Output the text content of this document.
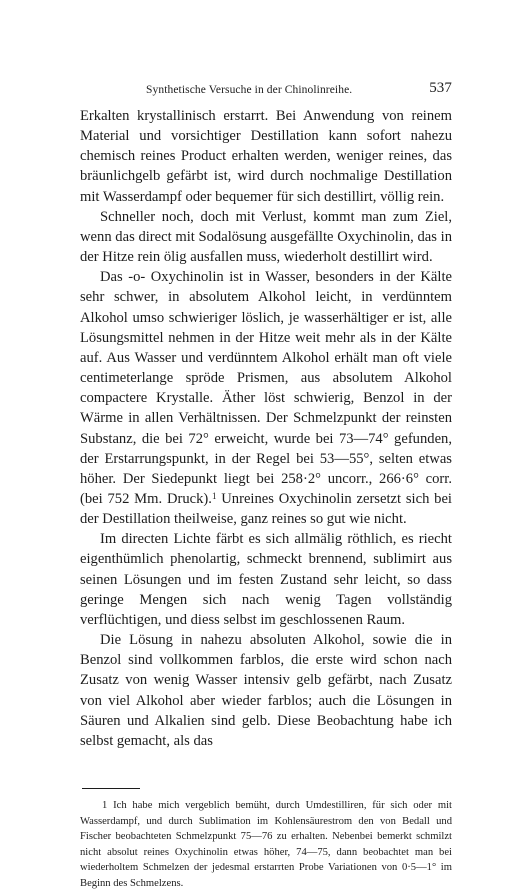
Synthetische Versuche in der Chinolinreihe.	537

Erkalten krystallinisch erstarrt. Bei Anwendung von reinem Material und vorsichtiger Destillation kann sofort nahezu chemisch reines Product erhalten werden, weniger reines, das bräunlichgelb gefärbt ist, wird durch nochmalige Destillation mit Wasserdampf oder bequemer für sich destillirt, völlig rein.

Schneller noch, doch mit Verlust, kommt man zum Ziel, wenn das direct mit Sodalösung ausgefällte Oxychinolin, das in der Hitze rein ölig ausfallen muss, wiederholt destillirt wird.

Das -o- Oxychinolin ist in Wasser, besonders in der Kälte sehr schwer, in absolutem Alkohol leicht, in verdünntem Alkohol umso schwieriger löslich, je wasserhältiger er ist, alle Lösungsmittel nehmen in der Hitze weit mehr als in der Kälte auf. Aus Wasser und verdünntem Alkohol erhält man oft viele centimeterlange spröde Prismen, aus absolutem Alkohol compactere Krystalle. Äther löst schwierig, Benzol in der Wärme in allen Verhältnissen. Der Schmelzpunkt der reinsten Substanz, die bei 72° erweicht, wurde bei 73—74° gefunden, der Erstarrungspunkt, in der Regel bei 53—55°, selten etwas höher. Der Siedepunkt liegt bei 258·2° uncorr., 266·6° corr. (bei 752 Mm. Druck).$^1$ Unreines Oxychinolin zersetzt sich bei der Destillation theilweise, ganz reines so gut wie nicht.

Im directen Lichte färbt es sich allmälig röthlich, es riecht eigenthümlich phenolartig, schmeckt brennend, sublimirt aus seinen Lösungen und im festen Zustand sehr leicht, so dass geringe Mengen sich nach wenig Tagen vollständig verflüchtigen, und diess selbst im geschlossenen Raum.

Die Lösung in nahezu absoluten Alkohol, sowie die in Benzol sind vollkommen farblos, die erste wird schon nach Zusatz von wenig Wasser intensiv gelb gefärbt, nach Zusatz von viel Alkohol aber wieder farblos; auch die Lösungen in Säuren und Alkalien sind gelb. Diese Beobachtung habe ich selbst gemacht, als das

1 Ich habe mich vergeblich bemüht, durch Umdestilliren, für sich oder mit Wasserdampf, und durch Sublimation im Kohlensäurestrom den von Bedall und Fischer beobachteten Schmelzpunkt 75—76 zu erhalten. Nebenbei bemerkt schmilzt nicht absolut reines Oxychinolin etwas höher, 74—75, dann beobachtet man bei wiederholtem Schmelzen der jedesmal erstarrten Probe Variationen von 0·5—1° im Beginn des Schmelzens.
